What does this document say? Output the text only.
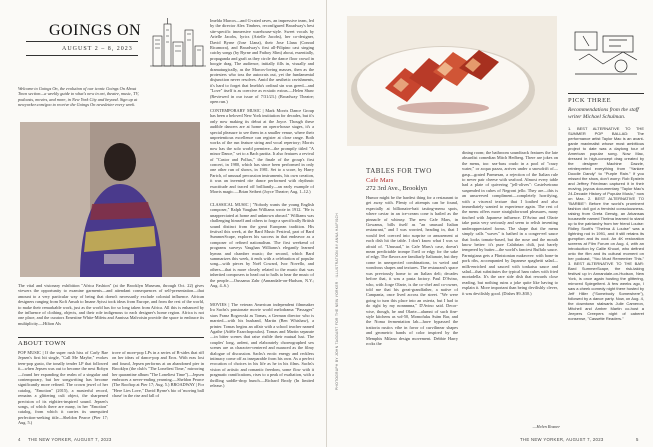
GOINGS ON
AUGUST 2 – 8, 2023
Welcome to Goings On, the evolution of our iconic Goings On About Town section—a weekly guide to what's new in art, theatre, music, TV, podcasts, movies, and more, in New York City and beyond. Sign up at newyorker.com/goo to receive the Goings On newsletter every week.
Imelda Marcos—and G-rated raves, an impressive team, led by the director Alex Timbers, reconfigured Broadway's best site-specific immersive warehouse-style. Sweet vocals by Arielle Jacobs, lyrics (Arielle Jacobs), her co-designer, David Byrne (Jose Llana), their Jose Llana (Conrad Ricamora), and Broadway's first all-Filipino cast singing catchy songs (by Byrne and Fatboy Slim) about, essentially, propaganda and graft as they circle the dance floor crowd in boogie drag. The audience, initially fills in, visually and dramaturgically, as the Marcos-loving masses, then as the protesters who toss the autocrats out, yet the fundamental disjunction never resolves. Amid the aesthetic ravishments, it's hard to forget that Imelda's ordinal sin was greed—and "Love" itself is as coercive as ecstatic extras.—Helen Shaw (Reviewed in our issue of 7/31/23.) (Broadway Theatre; open run.)
CONTEMPORARY MUSIC | Mark Morris Dance Group has been a beloved New York institution for decades, but it's only now making its debut at the Joyce. Though these audible dancers are at home on opera-house stages, it's a special pleasure to see them in a smaller venue, where their unpretentious excellence can register at close range. Both works of the run feature string and vocal repertory; Morris now has the solo world premiere—the promptly titled "A minor Dance," set to a Bach partita. It also features a revival of "Castor and Pollux," the finale of the group's first concert, in 1980, which has since been performed in only one other run of shows, in 1981. Set to a score, by Harry Partch, of unusual percussion instruments, his own creation, it was an invented rite dance performed with rhythmic exactitude and traced off brilliantly—an early example of Morris magic.—Brian Seibert (Joyce Theatre; Aug. 1–12.)
CLASSICAL MUSIC | "Nobody wants the young English composer," Ralph Vaughan Williams wrote in 1912. "He is unappreciated at home and unknown abroad." Williams was challenging himself and others to forge a specifically British sound distinct from the great European tradition. His festival this week, at the Bard Music Festival, part of Bard SummerScape, explores his success in that endeavor as a composer of refined nationalism. The first weekend of programs surveys Vaughan Williams's elegantly learned hymns and chamber music; the second, which Bard summarizes this week, it ends with a celebration of popular song—with pieces by Noël Coward, Ivor Novello, and others—that is more closely related to the music that was inherited composers to head out to halls to hear the music of the people.—Oussama Zahr (Annandale-on-Hudson, N.Y.; Aug. 4–6.)
The vital and visionary exhibition "Africa Fashion" (at the Brooklyn Museum, through Oct. 22) gives viewers the opportunity to examine garments—and attendant consequences of self-presentation—that amount to a very particular way of being that doesn't necessarily exclude colonial influence. African designers ranging from Kofi Ansah to Imane Ayissi took ideas from Europe, and from the rest of the world, to make their remarkable work, just as the world has for so long taken from Africa. All this is enhanced by the influence of clothing, objects, and their role indigenous to each designer's home region. Africa is not one place, and the curators Ernestine White-Mifetu and Annissa Malvoisin provide the space to embrace its multiplicity.—Hilton Als
MOVIES | The veteran American independent filmmaker Ira Sachs's passionate movie world melodrama "Passages" stars Franz Rogowski as Tomas, a German director who is married—with his husband, Martin (Ben Whishaw), a printer. Tomas begins an affair with a school teacher named Agathe (Adèle Exarchopoulos). Tomas and Martin separate—in bitter scenes that raise risible their mutual lust. The couples' long, ardent, and elaborately choreographed sex scenes are as character-centered and nuanced as the filmy dialogue of discussion. Sachs's erotic energy and reckless intimacy come off as inseparable from his own. As a perfect evocation of choices in his life as he in his films. Sachs's vision of artistic and romantic freedom, some flow with it pragmatic ramifications, rises to a peak of exaltation, with a thrilling saddle-drop bunch.—Richard Brody (In limited release.)
ABOUT TOWN
POP MUSIC | If the super rush hiss of Carly Rae Jepsen's first hit single, "Call Me Maybe," evokes teen-pop gusto, the tonally tender LP that followed it—when Jepsen was out to become the next Robyn—found her expanding the realm of a singular and contemporary, but her songwriting has become significantly more refined. The crown jewel of her catalog, "Emotion" (2015), a masterful record, remains a glittering cult object, the sharpened precision of its eighties-inspired sound. Jepsen's songs, of which there are many, in her "Emotion" catalog, from which it carries its unrequited perfection-seeking title—Sheldon Pearce (Pier 17; Aug. 5.)
trove of more-pop LPs in a series of B-sides that riff on her ideas of dance-pop and Eros. With eras lost and found, Jepsen performs at an abandoned pier in Brooklyn (the club's "The Loneliest Time," mirroring her quarantine album "The Loneliest Time")—Jepsen embraces a never-ending yearning.—Sheldon Pearce (The Rooftop at Pier 17; Aug. 5.) BROADWAY | For "Here Lies Love," David Byrne's bio of 'moving ball chase' in the rise and fall of
4 THE NEW YORKER, AUGUST 7, 2023
PHOTOGRAPH BY JOHN TAGGART FOR THE NEW YORKER · ILLUSTRATION BY ANNA HAIFISCH
TABLES FOR TWO
Cafe Mars
272 3rd Ave., Brooklyn
Humor might be the hardest thing for a restaurant to get away with. Plenty of attempts can be found, especially at billionaire-bait tasting-menu spots, where caviar in an ice-cream cone is hailed as the pinnacle of whimsy. The new Cafe Mars, in Gowanus, bills itself as "an unusual Italian restaurant," and I was worried, heading in, that I would feel coerced into surprise or amusement at each dish hit the table. I don't know what I was so afraid of. "Unusual," in Cafe Mars's case, doesn't mean predictable trompe l'oeil or edgy for the sake of edgy. The flavors are familiarly Italianate, but they come in unexpected combinations, in weird and wondrous shapes and textures. The restaurant's space was previously home to an Italian deli; decades before that, it was a pasta factory. Paul D'Avino, who, with Jorge Olarte, is the co-chef and co-owner, told me that his great-grandfather, a native of Campania, once lived across the street. "We were going to turn this place into an osteria, but I had to do right by my nonnnnna," D'Avino said. Decor-wise, though, he and Olarte—alumni of such fine-style kitchens as wd-50, Momofuku Ssäm Bar, and the Noma fermentation lab—have bypassed the trattoria rustics vibe in favor of curvilinear shapes and geometric bands of color inspired by the Memphis Milano design movement. Debbie Harry rocks the
dining room; the bathroom soundtrack features the late absurdist comedian Mitch Hedberg. There are jokes on the menu, too: sea-bass crudo in a pool of "crazy water," or acqua pazza, arrives under a snowdrift of—gasp—grated Parmesan, a rejection of the Italian rule to never pair cheese with seafood. Almost every table had a plate of quivering "jell-olives": Castelvetrano suspended in cubes of Negroni jello. They are—this is an unswerved compliment—completely horrifying, with a visceral texture that I loathed and also immediately wanted to experience again. The rest of the menu offers more straightforward pleasures, many tinched with Japanese influence. D'Avino and Olarte take pasta very seriously and seem to relish inventing underappreciated forms. The shape that the menu simply calls "waves" is bathed in a conger-eel sauce that looks tomato-based, but the nose and the mouth know better: it's pure Calabrian chili, just barely tempered by butter—the world's fanciest Buffalo sauce. Parmigiana gets a Flintstonian makeover: with bone-in pork ribs, accompanied by Japanese spaghetti salad—milk-enriched and sauced with tonkatsu sauce and salad—that substitutes the typical ham cubes with fried mortadella. It's the rare side dish that rewards close reading, but nothing ruins a joke quite like having to explain it. More important than being devilishly clever, it was devilishly good. (Dishes $9–$30.)
—Helen Rosner
PICK THREE
Recommendations from the staff writer Michael Schulman.
1. BEST ALTERNATIVE TO THE SUMMER POP BALLAD: The performance artist Taylor Mac is an avant-garde maximalist whose most ambitious project to date was a daylong tour of American popular song. Now Mac, dressed in high-concept drag created by the designer Machine Dazzle, reinterpreted everything from "Yankee Doodle Dandy" to "Purple Rain." If you missed the show, don't worry: Rob Epstein and Jeffrey Friedman captured it in their moving, joyous documentary "Taylor Mac's 24-Decade History of Popular Music," now on Max. 2. BEST ALTERNATIVE TO "BARBIE": Before the world's prominent fashion doll got a feminist consciousness-raising from Greta Gerwig, an Arkansas housewife named Thelma learned to stand up to the patriarchy from her friend Louise: Ridley Scott's "Thelma & Louise" was a lightning rod in 1991, and it still retains its gumption and its cool. An 4K restoration screens at Film Forum on Aug. 4, with an introduction by Callie Khouri, who defined onto the film and its cultural moment on her podcast, "You Must Remember This." 3. BEST ALTERNATIVE TO THE BAR: Bard SummerScape, the risk-taking festival up in Annandale-on-Hudson, New York, is once again hosting the glittering, mirrored Spiegeltent. A few weeks ago, I saw a cheek comedy night there hosted by Jeff Hiller ("Somebody Somewhere"), followed by a dance party. Now, on Aug. 4, the downtown stalwarts Julie Cameron, Mitchell and Amber Martin co-host a Jeepers Creepers night of caberet nonsense, "Cassette Readers."
THE NEW YORKER, AUGUST 7, 2023	5
